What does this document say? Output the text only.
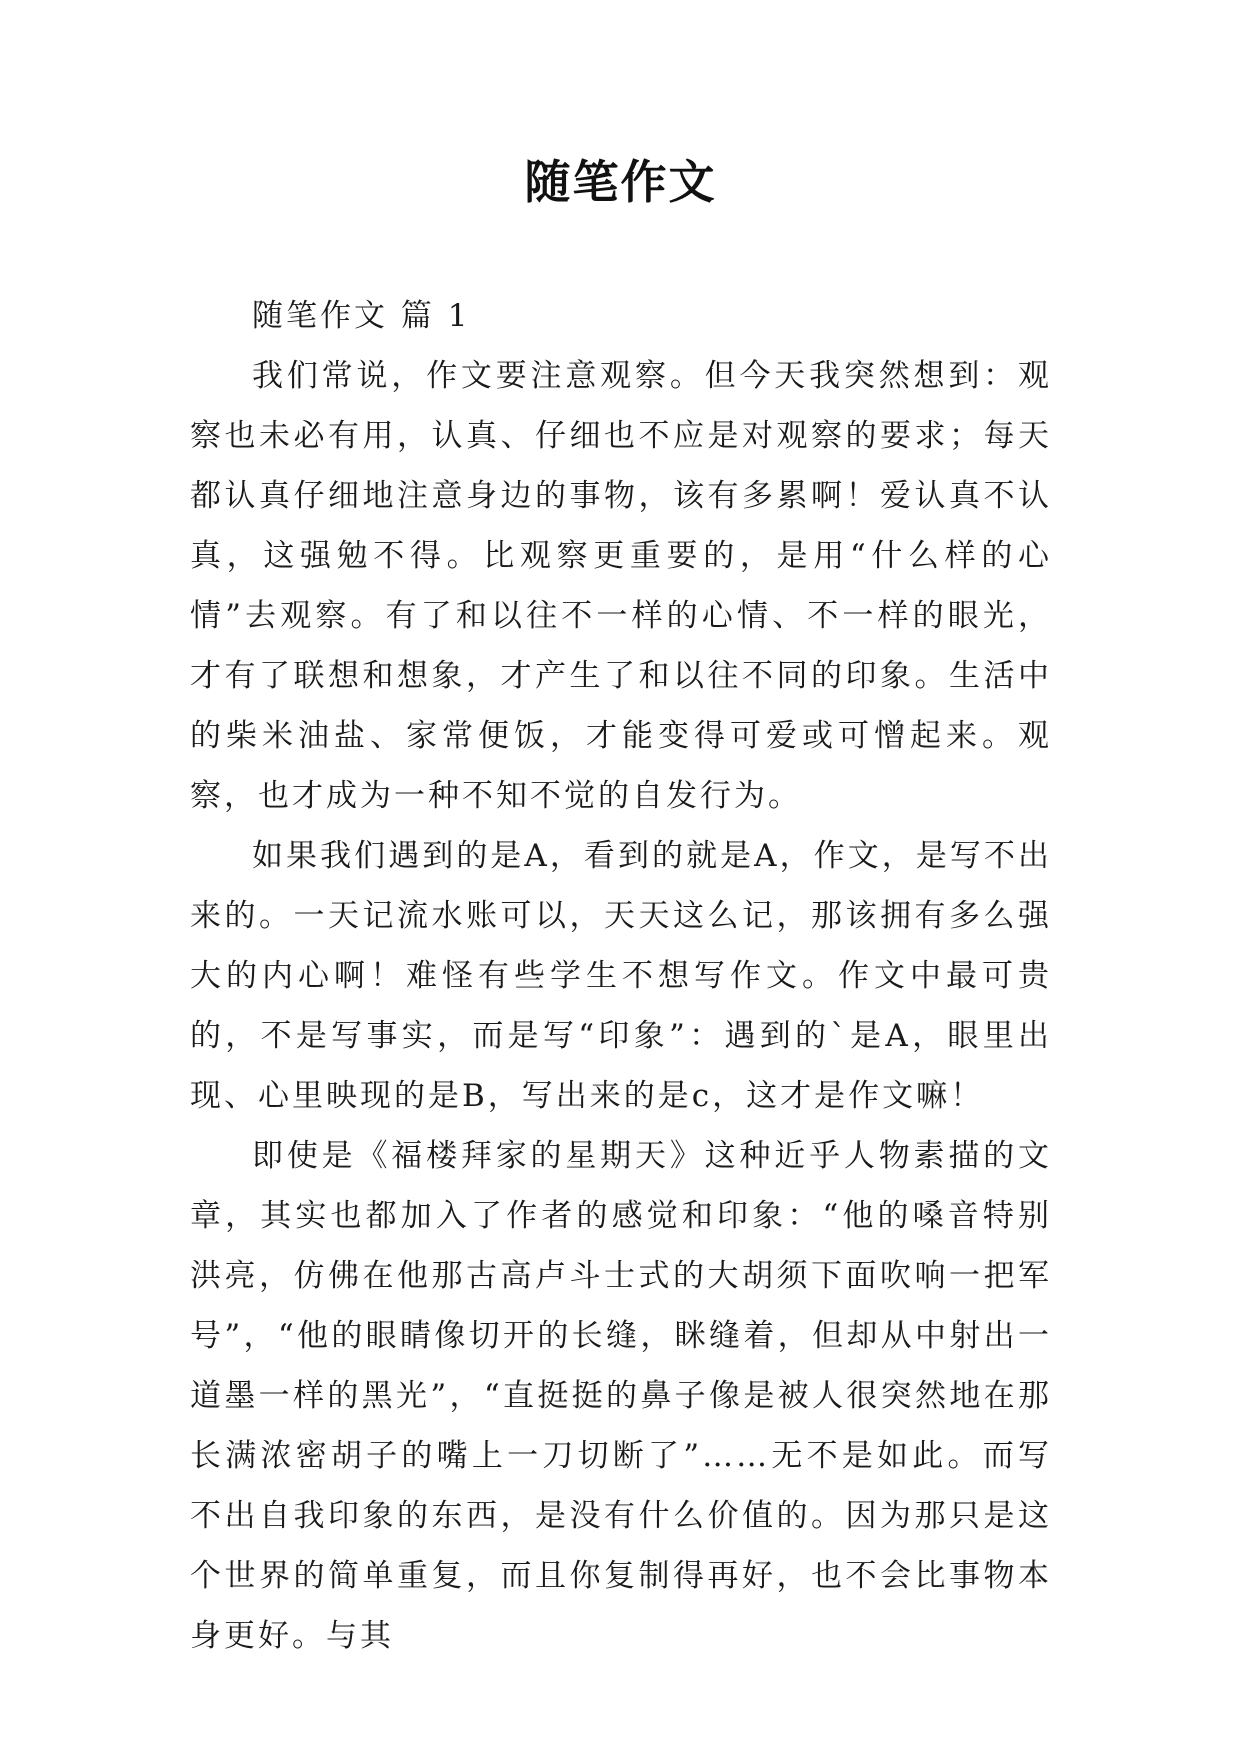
随笔作文
随笔作文 篇 1

我们常说，作文要注意观察。但今天我突然想到：观察也未必有用，认真、仔细也不应是对观察的要求；每天都认真仔细地注意身边的事物，该有多累啊！爱认真不认真，这强勉不得。比观察更重要的，是用“什么样的心情”去观察。有了和以往不一样的心情、不一样的眼光，才有了联想和想象，才产生了和以往不同的印象。生活中的柴米油盐、家常便饭，才能变得可爱或可憎起来。观察，也才成为一种不知不觉的自发行为。

如果我们遇到的是A，看到的就是A，作文，是写不出来的。一天记流水账可以，天天这么记，那该拥有多么强大的内心啊！难怪有些学生不想写作文。作文中最可贵的，不是写事实，而是写“印象”：遇到的`是A，眼里出现、心里映现的是B，写出来的是c，这才是作文嘛！

即使是《福楼拜家的星期天》这种近乎人物素描的文章，其实也都加入了作者的感觉和印象：“他的嗓音特别洪亮，仿佛在他那古高卢斗士式的大胡须下面吹响一把军号”，“他的眼睛像切开的长缝，眯缝着，但却从中射出一道墨一样的黑光”，“直挺挺的鼻子像是被人很突然地在那长满浓密胡子的嘴上一刀切断了”……无不是如此。而写不出自我印象的东西，是没有什么价值的。因为那只是这个世界的简单重复，而且你复制得再好，也不会比事物本身更好。与其
